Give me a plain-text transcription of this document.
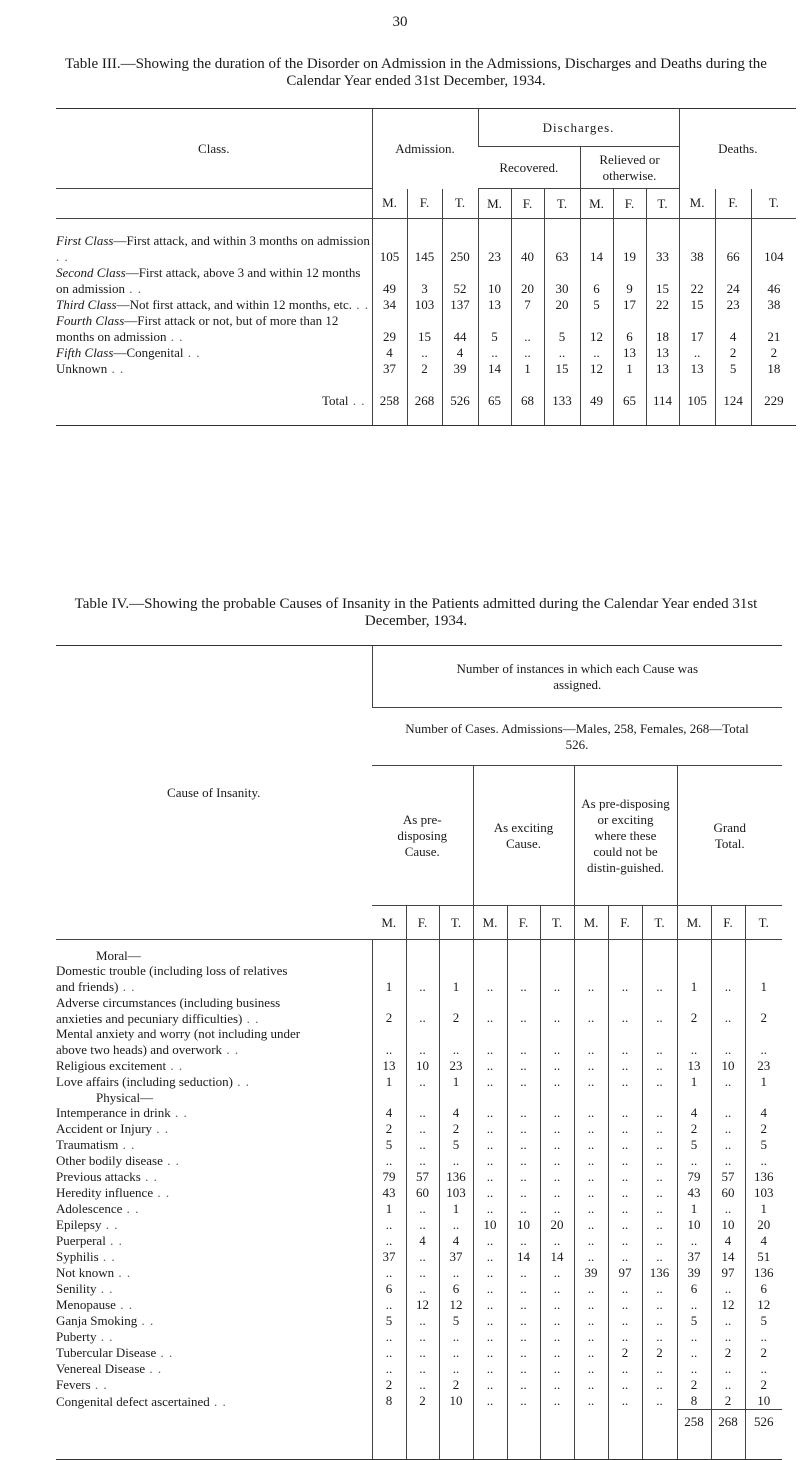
30
Table III.—Showing the duration of the Disorder on Admission in the Admissions, Discharges and Deaths during the Calendar Year ended 31st December, 1934.
Class.	Admission.			Discharges.						Deaths.		
				Recovered.			Relieved or otherwise.					
	M.	F.	T.	M.	F.	T.	M.	F.	T.	M.	F.	T.
First Class—First attack, and within 3 months on admission . .	105	145	250	23	40	63	14	19	33	38	66	104
Second Class—First attack, above 3 and within 12 months on admission . .	49	3	52	10	20	30	6	9	15	22	24	46
Third Class—Not first attack, and within 12 months, etc. . .	34	103	137	13	7	20	5	17	22	15	23	38
Fourth Class—First attack or not, but of more than 12 months on admission . .	29	15	44	5	..	5	12	6	18	17	4	21
Fifth Class—Congenital . .	4	..	4	..	..	..	..	13	13	..	2	2
Unknown . .	37	2	39	14	1	15	12	1	13	13	5	18
Total . .	258	268	526	65	68	133	49	65	114	105	124	229
Table IV.—Showing the probable Causes of Insanity in the Patients admitted during the Calendar Year ended 31st December, 1934.
Cause of Insanity.	Number of instances in which each Cause was assigned.											
	Number of Cases. Admissions—Males, 258, Females, 268—Total 526.											
	As pre-disposing Cause.			As exciting Cause.			As pre-disposing or exciting where these could not be distin-guished.			Grand Total.		
	M.	F.	T.	M.	F.	T.	M.	F.	T.	M.	F.	T.
Moral—												
Domestic trouble (including loss of relatives												
and friends) . .	1	..	1	..	..	..	..	..	..	1	..	1
Adverse circumstances (including business												
anxieties and pecuniary difficulties) . .	2	..	2	..	..	..	..	..	..	2	..	2
Mental anxiety and worry (not including under												
above two heads) and overwork . .	..	..	..	..	..	..	..	..	..	..	..	..
Religious excitement . .	13	10	23	..	..	..	..	..	..	13	10	23
Love affairs (including seduction) . .	1	..	1	..	..	..	..	..	..	1	..	1
Physical—												
Intemperance in drink . .	4	..	4	..	..	..	..	..	..	4	..	4
Accident or Injury . .	2	..	2	..	..	..	..	..	..	2	..	2
Traumatism . .	5	..	5	..	..	..	..	..	..	5	..	5
Other bodily disease . .	..	..	..	..	..	..	..	..	..	..	..	..
Previous attacks . .	79	57	136	..	..	..	..	..	..	79	57	136
Heredity influence . .	43	60	103	..	..	..	..	..	..	43	60	103
Adolescence . .	1	..	1	..	..	..	..	..	..	1	..	1
Epilepsy . .	..	..	..	10	10	20	..	..	..	10	10	20
Puerperal . .	..	4	4	..	..	..	..	..	..	..	4	4
Syphilis . .	37	..	37	..	14	14	..	..	..	37	14	51
Not known . .	..	..	..	..	..	..	39	97	136	39	97	136
Senility . .	6	..	6	..	..	..	..	..	..	6	..	6
Menopause . .	..	12	12	..	..	..	..	..	..	..	12	12
Ganja Smoking . .	5	..	5	..	..	..	..	..	..	5	..	5
Puberty . .	..	..	..	..	..	..	..	..	..	..	..	..
Tubercular Disease . .	..	..	..	..	..	..	..	2	2	..	2	2
Venereal Disease . .	..	..	..	..	..	..	..	..	..	..	..	..
Fevers . .	2	..	2	..	..	..	..	..	..	2	..	2
Congenital defect ascertained . .	8	2	10	..	..	..	..	..	..	8	2	10
										258	268	526
